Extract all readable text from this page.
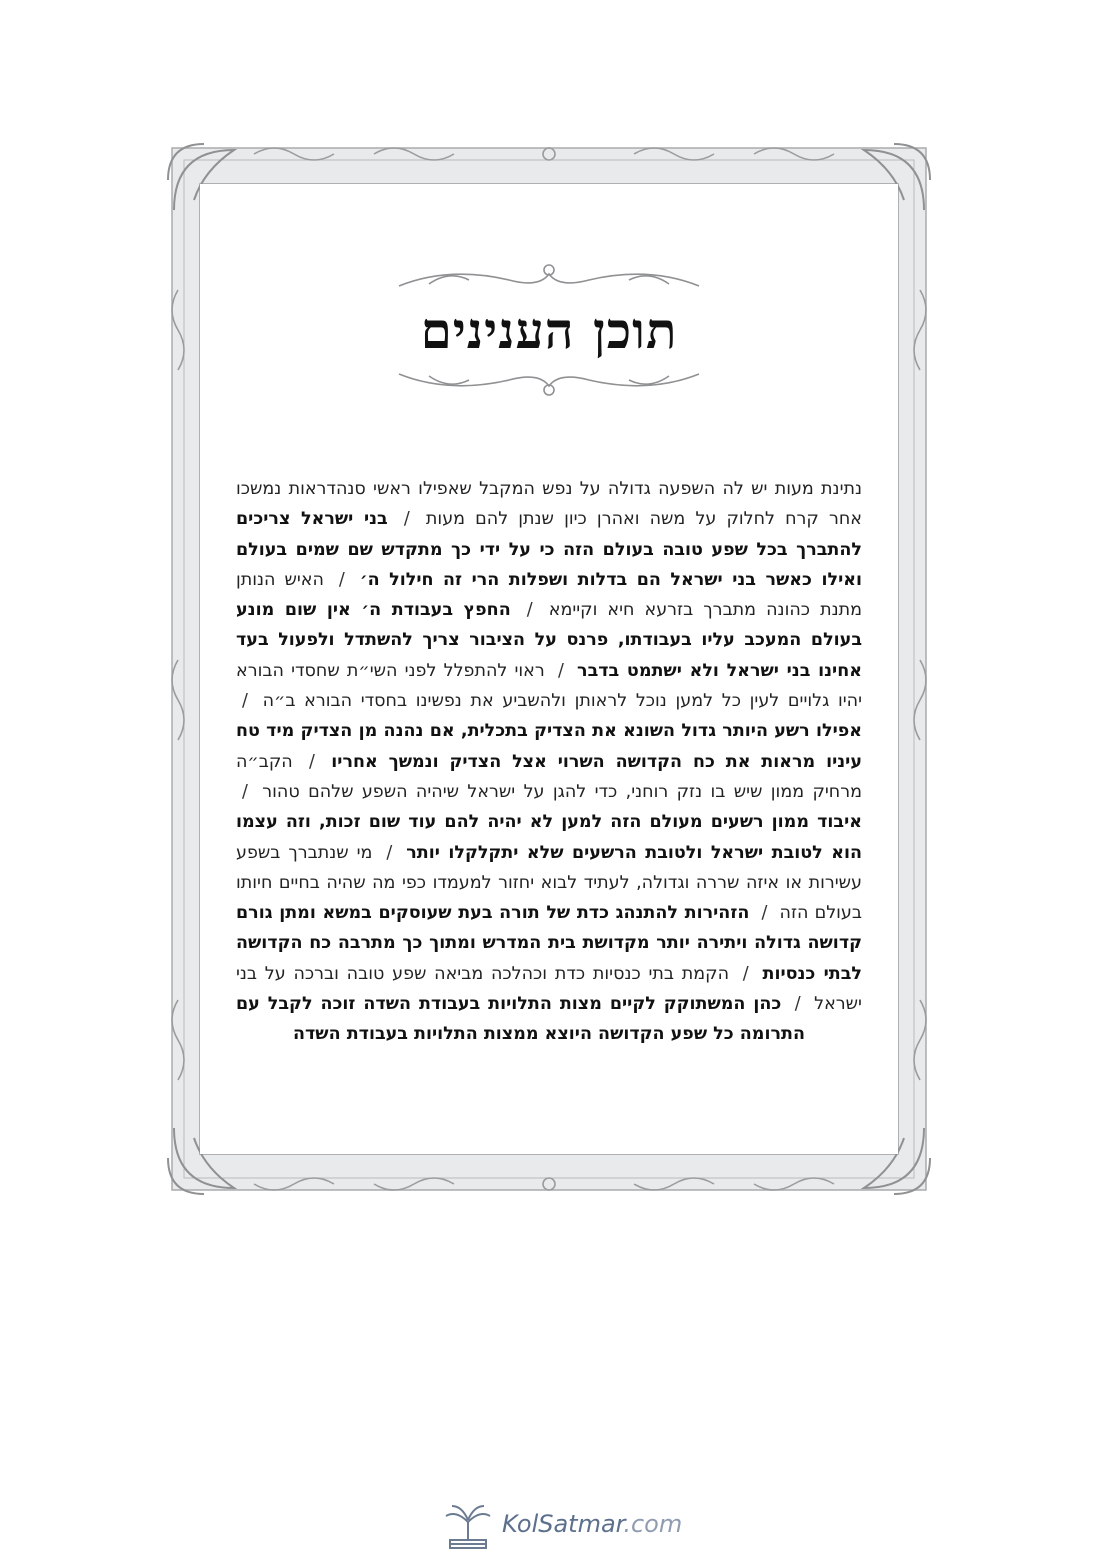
תוכן הענינים
נתינת מעות יש לה השפעה גדולה על נפש המקבל שאפילו ראשי סנהדראות נמשכו אחר קרח לחלוק על משה ואהרן כיון שנתן להם מעות / בני ישראל צריכים להתברך בכל שפע טובה בעולם הזה כי על ידי כך מתקדש שם שמים בעולם ואילו כאשר בני ישראל הם בדלות ושפלות הרי זה חילול ה׳ / האיש הנותן מתנת כהונה מתברך בזרעא חיא וקיימא / החפץ בעבודת ה׳ אין שום מונע בעולם המעכב עליו בעבודתו, פרנס על הציבור צריך להשתדל ולפעול בעד אחינו בני ישראל ולא ישתמט בדבר / ראוי להתפלל לפני השי״ת שחסדי הבורא יהיו גלויים לעין כל למען נוכל לראותן ולהשביע את נפשינו בחסדי הבורא ב״ה / אפילו רשע היותר גדול השונא את הצדיק בתכלית, אם נהנה מן הצדיק מיד טח עיניו מראות את כח הקדושה השרוי אצל הצדיק ונמשך אחריו / הקב״ה מרחיק ממון שיש בו נזק רוחני, כדי להגן על ישראל שיהיה השפע שלהם טהור / איבוד ממון רשעים מעולם הזה למען לא יהיה להם עוד שום זכות, וזה עצמו הוא לטובת ישראל ולטובת הרשעים שלא יתקלקלו יותר / מי שנתברך בשפע עשירות או איזה שררה וגדולה, לעתיד לבוא יחזור למעמדו כפי מה שהיה בחיים חיותו בעולם הזה / הזהירות להתנהג כדת של תורה בעת שעוסקים במשא ומתן גורם קדושה גדולה ויתירה יותר מקדושת בית המדרש ומתוך כך מתרבה כח הקדושה לבתי כנסיות / הקמת בתי כנסיות כדת וכהלכה מביאה שפע טובה וברכה על בני ישראל / כהן המשתוקק לקיים מצות התלויות בעבודת השדה זוכה לקבל עם התרומה כל שפע הקדושה היוצא ממצות התלויות בעבודת השדה
KolSatmar.com
